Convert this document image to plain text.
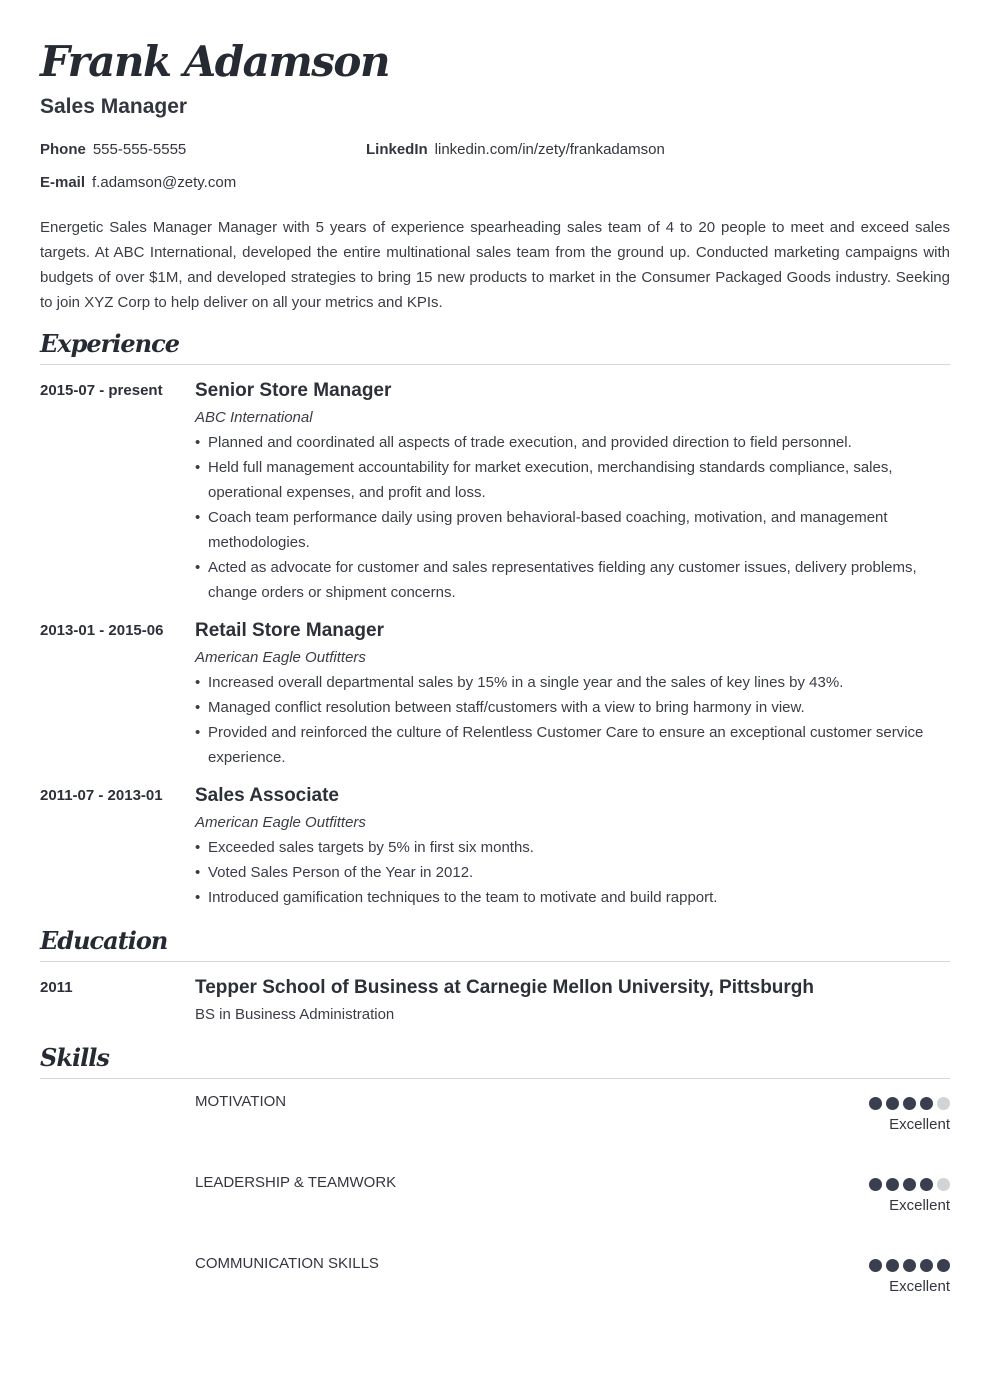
Frank Adamson
Sales Manager
Phone 555-555-5555	LinkedIn linkedin.com/in/zety/frankadamson
E-mail f.adamson@zety.com

Energetic Sales Manager Manager with 5 years of experience spearheading sales team of 4 to 20 people to meet and exceed sales targets. At ABC International, developed the entire multinational sales team from the ground up. Conducted marketing campaigns with budgets of over $1M, and developed strategies to bring 15 new products to market in the Consumer Packaged Goods industry. Seeking to join XYZ Corp to help deliver on all your metrics and KPIs.

Experience
2015-07 - present	Senior Store Manager
ABC International
• Planned and coordinated all aspects of trade execution, and provided direction to field personnel.
• Held full management accountability for market execution, merchandising standards compliance, sales, operational expenses, and profit and loss.
• Coach team performance daily using proven behavioral-based coaching, motivation, and management methodologies.
• Acted as advocate for customer and sales representatives fielding any customer issues, delivery problems, change orders or shipment concerns.
2013-01 - 2015-06	Retail Store Manager
American Eagle Outfitters
• Increased overall departmental sales by 15% in a single year and the sales of key lines by 43%.
• Managed conflict resolution between staff/customers with a view to bring harmony in view.
• Provided and reinforced the culture of Relentless Customer Care to ensure an exceptional customer service experience.
2011-07 - 2013-01	Sales Associate
American Eagle Outfitters
• Exceeded sales targets by 5% in first six months.
• Voted Sales Person of the Year in 2012.
• Introduced gamification techniques to the team to motivate and build rapport.
Education
2011	Tepper School of Business at Carnegie Mellon University, Pittsburgh
BS in Business Administration
Skills
MOTIVATION
Excellent
LEADERSHIP & TEAMWORK
Excellent
COMMUNICATION SKILLS
Excellent
